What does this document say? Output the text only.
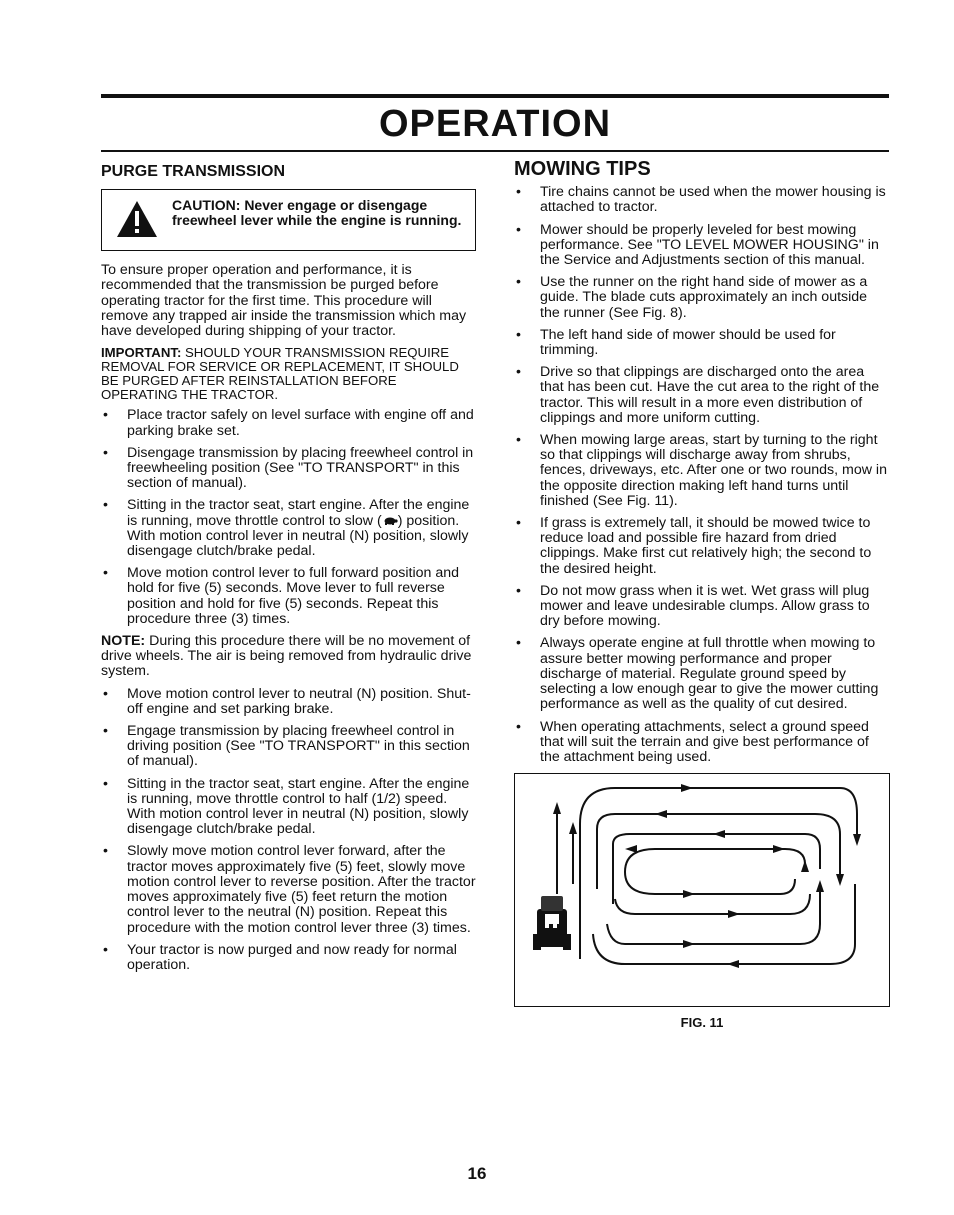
OPERATION
PURGE TRANSMISSION
CAUTION: Never engage or disengage freewheel lever while the engine is running.

To ensure proper operation and performance, it is recommended that the transmission be purged before operating tractor for the first time. This procedure will remove any trapped air inside the transmission which may have developed during shipping of your tractor.

IMPORTANT: SHOULD YOUR TRANSMISSION REQUIRE REMOVAL FOR SERVICE OR REPLACEMENT, IT SHOULD BE PURGED AFTER REINSTALLATION BEFORE OPERATING THE TRACTOR.

• Place tractor safely on level surface with engine off and parking brake set.
• Disengage transmission by placing freewheel control in freewheeling position (See "TO TRANSPORT" in this section of manual).
• Sitting in the tractor seat, start engine. After the engine is running, move throttle control to slow ( ) position. With motion control lever in neutral (N) position, slowly disengage clutch/brake pedal.
• Move motion control lever to full forward position and hold for five (5) seconds. Move lever to full reverse position and hold for five (5) seconds. Repeat this procedure three (3) times.

NOTE: During this procedure there will be no movement of drive wheels. The air is being removed from hydraulic drive system.

• Move motion control lever to neutral (N) position. Shut-off engine and set parking brake.
• Engage transmission by placing freewheel control in driving position (See "TO TRANSPORT" in this section of manual).
• Sitting in the tractor seat, start engine. After the engine is running, move throttle control to half (1/2) speed. With motion control lever in neutral (N) position, slowly disengage clutch/brake pedal.
• Slowly move motion control lever forward, after the tractor moves approximately five (5) feet, slowly move motion control lever to reverse position. After the tractor moves approximately five (5) feet return the motion control lever to the neutral (N) position. Repeat this procedure with the motion control lever three (3) times.
• Your tractor is now purged and now ready for normal operation.
MOWING TIPS
• Tire chains cannot be used when the mower housing is attached to tractor.
• Mower should be properly leveled for best mowing performance. See "TO LEVEL MOWER HOUSING" in the Service and Adjustments section of this manual.
• Use the runner on the right hand side of mower as a guide. The blade cuts approximately an inch outside the runner (See Fig. 8).
• The left hand side of mower should be used for trimming.
• Drive so that clippings are discharged onto the area that has been cut. Have the cut area to the right of the tractor. This will result in a more even distribution of clippings and more uniform cutting.
• When mowing large areas, start by turning to the right so that clippings will discharge away from shrubs, fences, driveways, etc. After one or two rounds, mow in the opposite direction making left hand turns until finished (See Fig. 11).
• If grass is extremely tall, it should be mowed twice to reduce load and possible fire hazard from dried clippings. Make first cut relatively high; the second to the desired height.
• Do not mow grass when it is wet. Wet grass will plug mower and leave undesirable clumps. Allow grass to dry before mowing.
• Always operate engine at full throttle when mowing to assure better mowing performance and proper discharge of material. Regulate ground speed by selecting a low enough gear to give the mower cutting performance as well as the quality of cut desired.
• When operating attachments, select a ground speed that will suit the terrain and give best performance of the attachment being used.
FIG. 11
16
